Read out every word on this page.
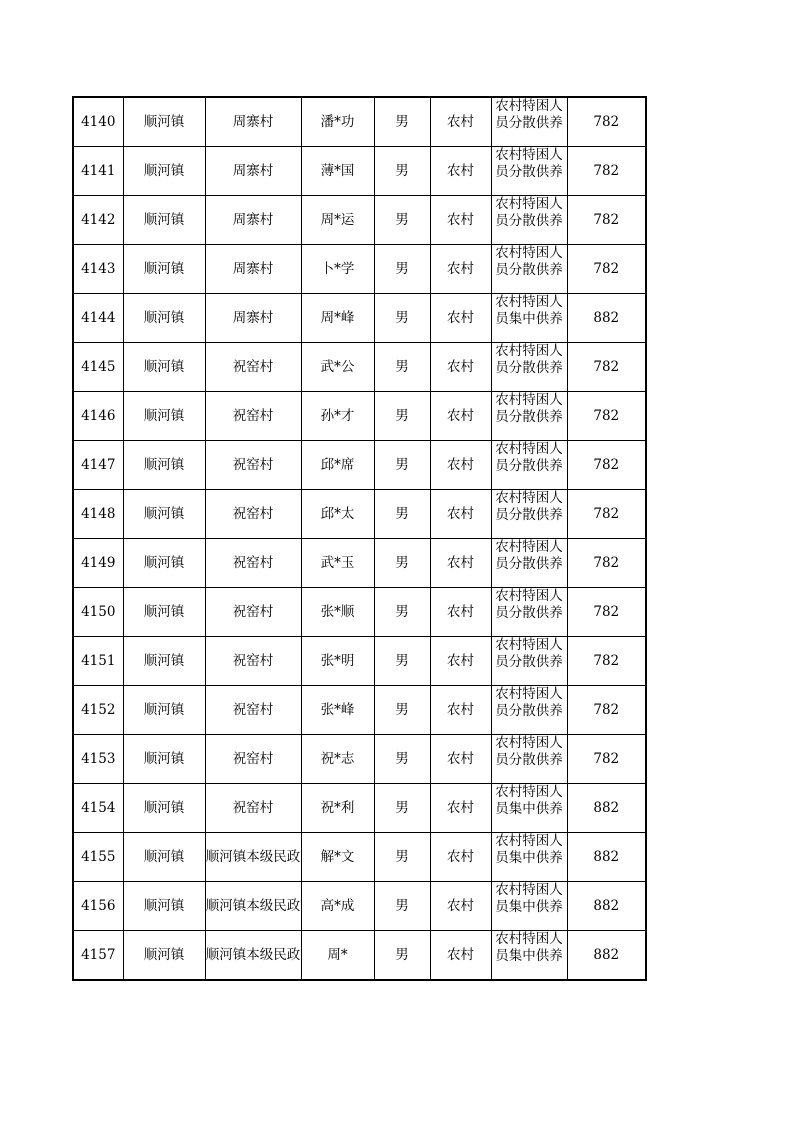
4140	顺河镇	周寨村	潘*功	男	农村	农村特困人员分散供养	782
4141	顺河镇	周寨村	薄*国	男	农村	农村特困人员分散供养	782
4142	顺河镇	周寨村	周*运	男	农村	农村特困人员分散供养	782
4143	顺河镇	周寨村	卜*学	男	农村	农村特困人员分散供养	782
4144	顺河镇	周寨村	周*峰	男	农村	农村特困人员集中供养	882
4145	顺河镇	祝窑村	武*公	男	农村	农村特困人员分散供养	782
4146	顺河镇	祝窑村	孙*才	男	农村	农村特困人员分散供养	782
4147	顺河镇	祝窑村	邱*席	男	农村	农村特困人员分散供养	782
4148	顺河镇	祝窑村	邱*太	男	农村	农村特困人员分散供养	782
4149	顺河镇	祝窑村	武*玉	男	农村	农村特困人员分散供养	782
4150	顺河镇	祝窑村	张*顺	男	农村	农村特困人员分散供养	782
4151	顺河镇	祝窑村	张*明	男	农村	农村特困人员分散供养	782
4152	顺河镇	祝窑村	张*峰	男	农村	农村特困人员分散供养	782
4153	顺河镇	祝窑村	祝*志	男	农村	农村特困人员分散供养	782
4154	顺河镇	祝窑村	祝*利	男	农村	农村特困人员集中供养	882
4155	顺河镇	顺河镇本级民政	解*文	男	农村	农村特困人员集中供养	882
4156	顺河镇	顺河镇本级民政	高*成	男	农村	农村特困人员集中供养	882
4157	顺河镇	顺河镇本级民政	周*	男	农村	农村特困人员集中供养	882
